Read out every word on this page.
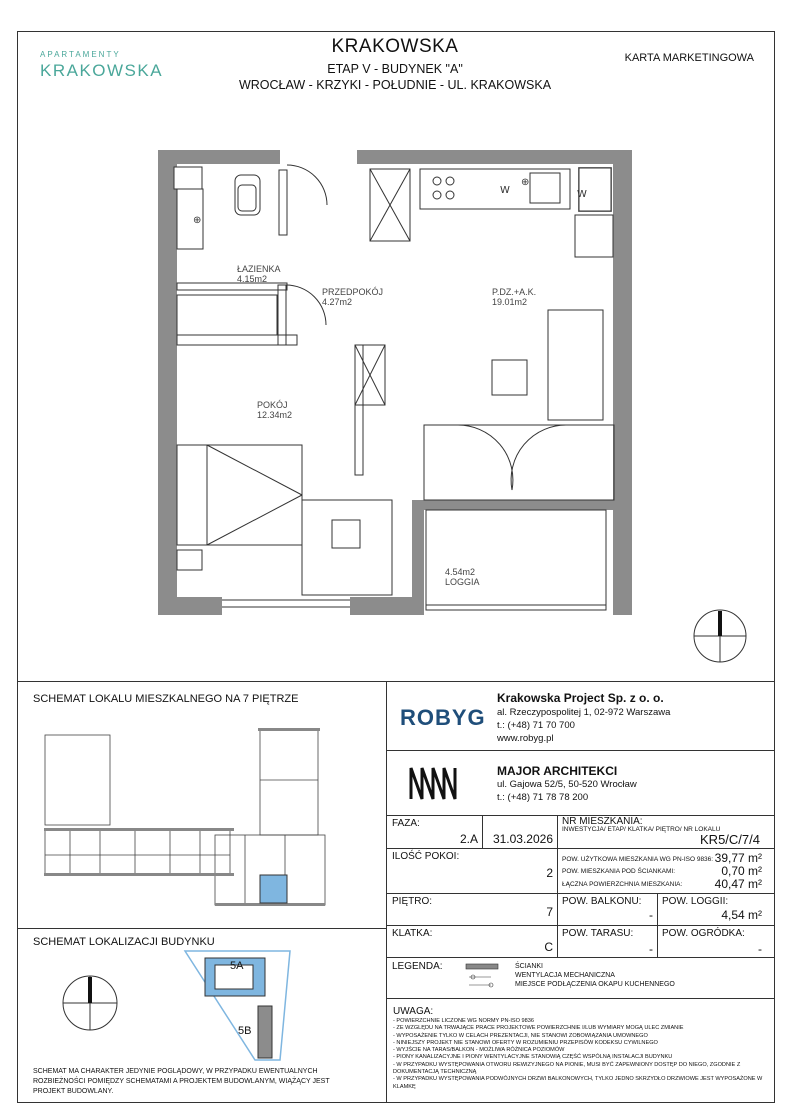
APARTAMENTY
KRAKOWSKA
KRAKOWSKA
ETAP V - BUDYNEK "A"
WROCŁAW - KRZYKI - POŁUDNIE - UL. KRAKOWSKA
KARTA MARKETINGOWA
⊕
⊕
W	W
ŁAZIENKA
4.15m2
PRZEDPOKÓJ
4.27m2
P.DZ.+A.K.
19.01m2
POKÓJ
12.34m2
4.54m2
LOGGIA
SCHEMAT LOKALU MIESZKALNEGO NA 7 PIĘTRZE
SCHEMAT LOKALIZACJI BUDYNKU
5A
5B
SCHEMAT MA CHARAKTER JEDYNIE POGLĄDOWY, W PRZYPADKU EWENTUALNYCH ROZBIEŻNOŚCI POMIĘDZY SCHEMATAMI A PROJEKTEM BUDOWLANYM, WIĄŻĄCY JEST PROJEKT BUDOWLANY.
ROBYG
Krakowska Project Sp. z o. o.
al. Rzeczypospolitej 1, 02-972 Warszawa
t.: (+48) 71 70 700
www.robyg.pl
MAJOR ARCHITEKCI
ul. Gajowa 52/5, 50-520 Wrocław
t.: (+48) 71 78 78 200
FAZA:
2.A	31.03.2026
NR MIESZKANIA:
INWESTYCJA/ ETAP/ KLATKA/ PIĘTRO/ NR LOKALU
KR5/C/7/4
ILOŚĆ POKOI:
2
POW. UŻYTKOWA MIESZKANIA WG PN-ISO 9836: 39,77 m²
POW. MIESZKANIA POD ŚCIANKAMI:	0,70 m²
ŁĄCZNA POWIERZCHNIA MIESZKANIA:	40,47 m²
PIĘTRO:
7
POW. BALKONU:
-
POW. LOGGII:
4,54 m²
KLATKA:
C
POW. TARASU:
-
POW. OGRÓDKA:
-
LEGENDA:	ŚCIANKI
WENTYLACJA MECHANICZNA
MIEJSCE PODŁĄCZENIA OKAPU KUCHENNEGO
UWAGA:
- POWIERZCHNIE LICZONE WG NORMY PN-ISO 9836
- ZE WZGLĘDU NA TRWAJĄCE PRACE PROJEKTOWE POWIERZCHNIE I/LUB WYMIARY MOGĄ ULEC ZMIANIE
- WYPOSAŻENIE TYLKO W CELACH PREZENTACJI, NIE STANOWI ZOBOWIĄZANIA UMOWNEGO
- NINIEJSZY PROJEKT NIE STANOWI OFERTY W ROZUMIENIU PRZEPISÓW KODEKSU CYWILNEGO
- WYJŚCIE NA TARAS/BALKON - MOŻLIWA RÓŻNICA POZIOMÓW
- PIONY KANALIZACYJNE I PIONY WENTYLACYJNE STANOWIĄ CZĘŚĆ WSPÓLNĄ INSTALACJI BUDYNKU
- W PRZYPADKU WYSTĘPOWANIA OTWORU REWIZYJNEGO NA PIONIE, MUSI BYĆ ZAPEWNIONY DOSTĘP DO NIEGO, ZGODNIE Z DOKUMENTACJĄ TECHNICZNĄ
- W PRZYPADKU WYSTĘPOWANIA PODWÓJNYCH DRZWI BALKONOWYCH, TYLKO JEDNO SKRZYDŁO DRZWIOWE JEST WYPOSAŻONE W KLAMKĘ
